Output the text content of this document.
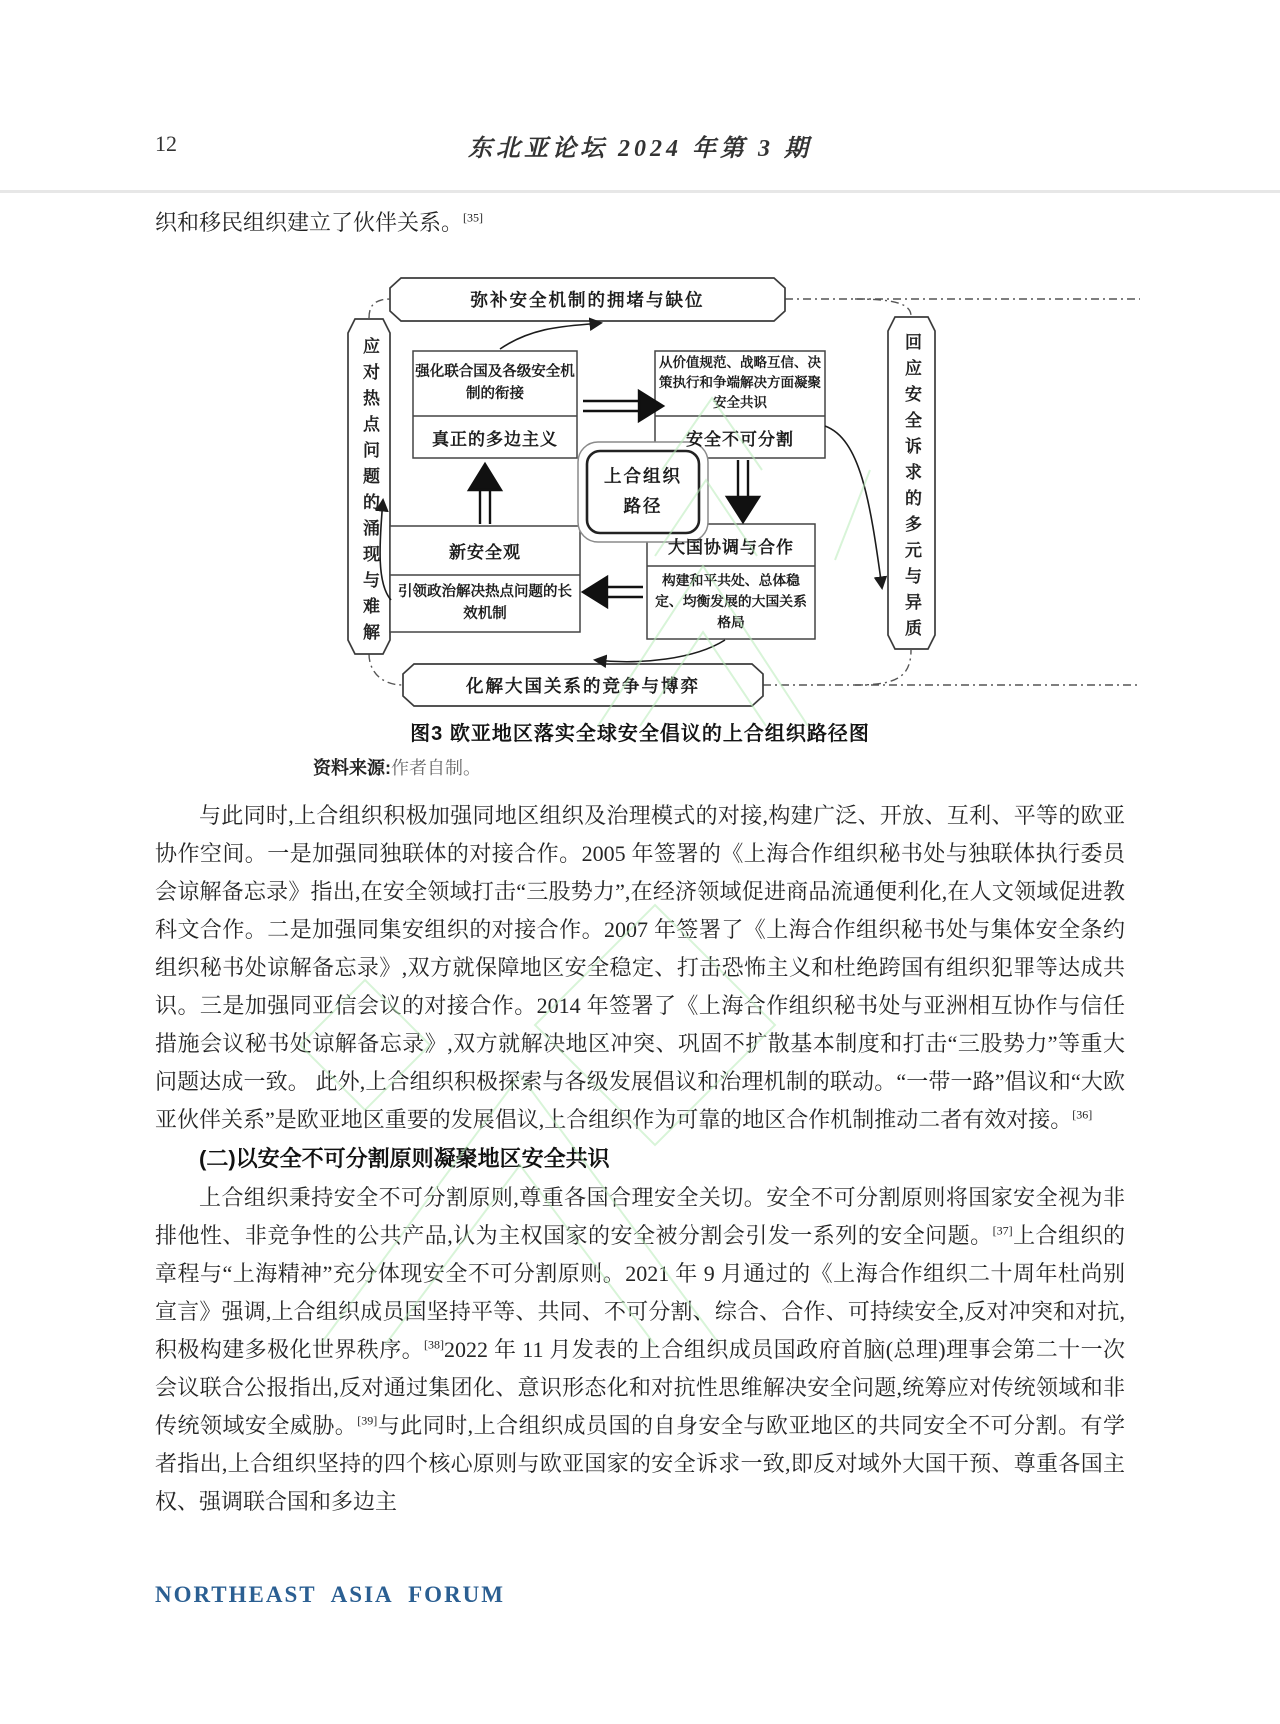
12	东北亚论坛 2024 年第 3 期

织和移民组织建立了伙伴关系。[35]

弥补安全机制的拥堵与缺位
化解大国关系的竞争与博弈
应对热点问题的涌现与难解	回应安全诉求的多元与异质
强化联合国及各级安全机制的衔接
真正的多边主义
从价值规范、战略互信、决策执行和争端解决方面凝聚安全共识
安全不可分割
新安全观
引领政治解决热点问题的长效机制
大国协调与合作
构建和平共处、总体稳定、均衡发展的大国关系格局
上合组织
路径
图3 欧亚地区落实全球安全倡议的上合组织路径图
资料来源:作者自制。

与此同时,上合组织积极加强同地区组织及治理模式的对接,构建广泛、开放、互利、平等的欧亚协作空间。一是加强同独联体的对接合作。2005 年签署的《上海合作组织秘书处与独联体执行委员会谅解备忘录》指出,在安全领域打击“三股势力”,在经济领域促进商品流通便利化,在人文领域促进教科文合作。二是加强同集安组织的对接合作。2007 年签署了《上海合作组织秘书处与集体安全条约组织秘书处谅解备忘录》,双方就保障地区安全稳定、打击恐怖主义和杜绝跨国有组织犯罪等达成共识。三是加强同亚信会议的对接合作。2014 年签署了《上海合作组织秘书处与亚洲相互协作与信任措施会议秘书处谅解备忘录》,双方就解决地区冲突、巩固不扩散基本制度和打击“三股势力”等重大问题达成一致。 此外,上合组织积极探索与各级发展倡议和治理机制的联动。“一带一路”倡议和“大欧亚伙伴关系”是欧亚地区重要的发展倡议,上合组织作为可靠的地区合作机制推动二者有效对接。[36]

(二)以安全不可分割原则凝聚地区安全共识

上合组织秉持安全不可分割原则,尊重各国合理安全关切。安全不可分割原则将国家安全视为非排他性、非竞争性的公共产品,认为主权国家的安全被分割会引发一系列的安全问题。[37]上合组织的章程与“上海精神”充分体现安全不可分割原则。2021 年 9 月通过的《上海合作组织二十周年杜尚别宣言》强调,上合组织成员国坚持平等、共同、不可分割、综合、合作、可持续安全,反对冲突和对抗,积极构建多极化世界秩序。[38]2022 年 11 月发表的上合组织成员国政府首脑(总理)理事会第二十一次会议联合公报指出,反对通过集团化、意识形态化和对抗性思维解决安全问题,统筹应对传统领域和非传统领域安全威胁。[39]与此同时,上合组织成员国的自身安全与欧亚地区的共同安全不可分割。有学者指出,上合组织坚持的四个核心原则与欧亚国家的安全诉求一致,即反对域外大国干预、尊重各国主权、强调联合国和多边主

NORTHEAST ASIA FORUM
